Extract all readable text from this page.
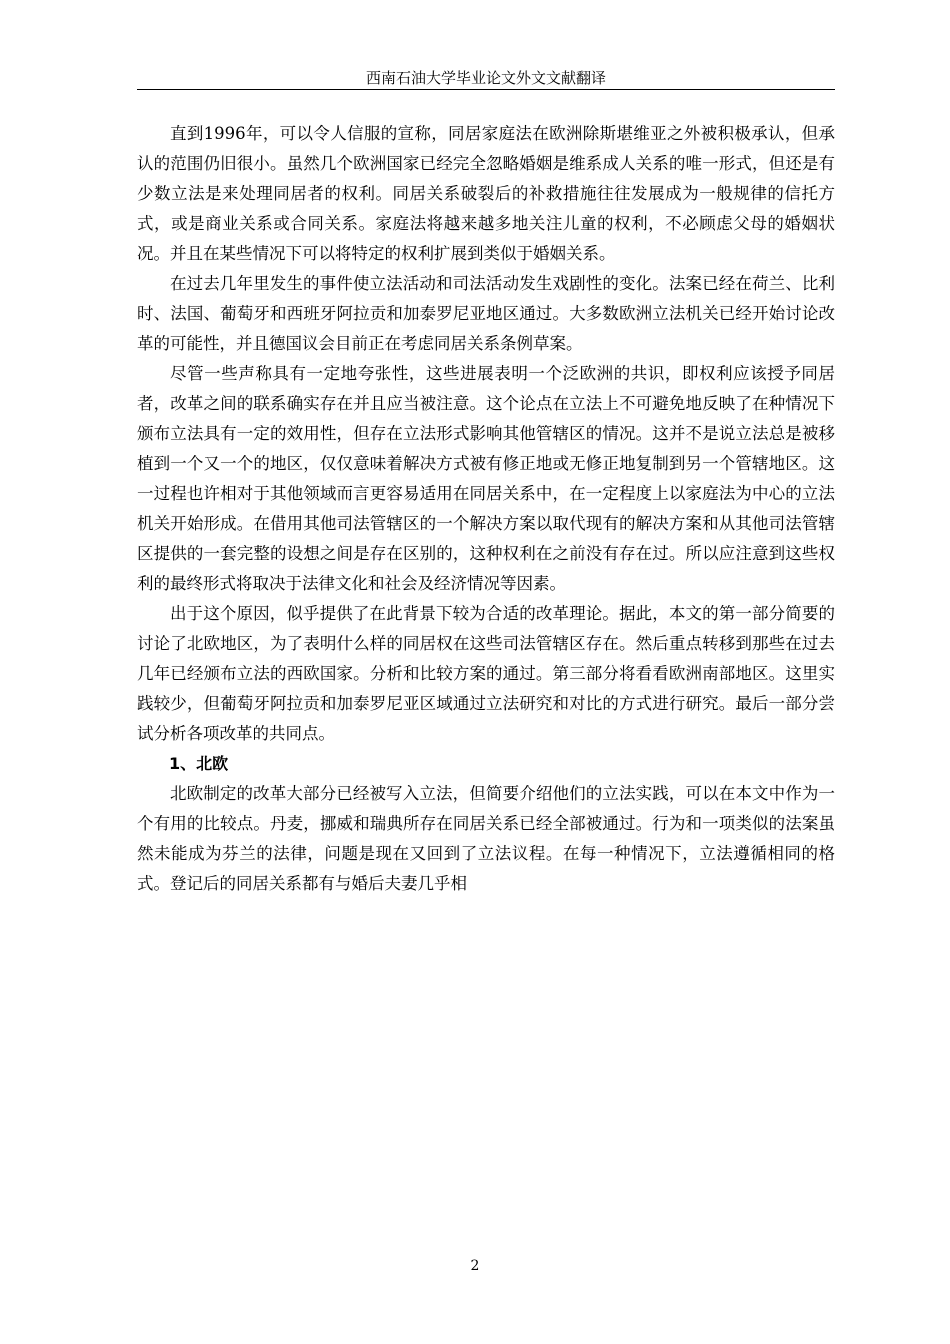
西南石油大学毕业论文外文文献翻译

直到1996年，可以令人信服的宣称，同居家庭法在欧洲除斯堪维亚之外被积极承认，但承认的范围仍旧很小。虽然几个欧洲国家已经完全忽略婚姻是维系成人关系的唯一形式，但还是有少数立法是来处理同居者的权利。同居关系破裂后的补救措施往往发展成为一般规律的信托方式，或是商业关系或合同关系。家庭法将越来越多地关注儿童的权利，不必顾虑父母的婚姻状况。并且在某些情况下可以将特定的权利扩展到类似于婚姻关系。

在过去几年里发生的事件使立法活动和司法活动发生戏剧性的变化。法案已经在荷兰、比利时、法国、葡萄牙和西班牙阿拉贡和加泰罗尼亚地区通过。大多数欧洲立法机关已经开始讨论改革的可能性，并且德国议会目前正在考虑同居关系条例草案。

尽管一些声称具有一定地夸张性，这些进展表明一个泛欧洲的共识，即权利应该授予同居者，改革之间的联系确实存在并且应当被注意。这个论点在立法上不可避免地反映了在种情况下颁布立法具有一定的效用性，但存在立法形式影响其他管辖区的情况。这并不是说立法总是被移植到一个又一个的地区，仅仅意味着解决方式被有修正地或无修正地复制到另一个管辖地区。这一过程也许相对于其他领域而言更容易适用在同居关系中，在一定程度上以家庭法为中心的立法机关开始形成。在借用其他司法管辖区的一个解决方案以取代现有的解决方案和从其他司法管辖区提供的一套完整的设想之间是存在区别的，这种权利在之前没有存在过。所以应注意到这些权利的最终形式将取决于法律文化和社会及经济情况等因素。

出于这个原因，似乎提供了在此背景下较为合适的改革理论。据此，本文的第一部分简要的讨论了北欧地区，为了表明什么样的同居权在这些司法管辖区存在。然后重点转移到那些在过去几年已经颁布立法的西欧国家。分析和比较方案的通过。第三部分将看看欧洲南部地区。这里实践较少，但葡萄牙阿拉贡和加泰罗尼亚区域通过立法研究和对比的方式进行研究。最后一部分尝试分析各项改革的共同点。

1、北欧

北欧制定的改革大部分已经被写入立法，但简要介绍他们的立法实践，可以在本文中作为一个有用的比较点。丹麦，挪威和瑞典所存在同居关系已经全部被通过。行为和一项类似的法案虽然未能成为芬兰的法律，问题是现在又回到了立法议程。在每一种情况下，立法遵循相同的格式。登记后的同居关系都有与婚后夫妻几乎相

2
